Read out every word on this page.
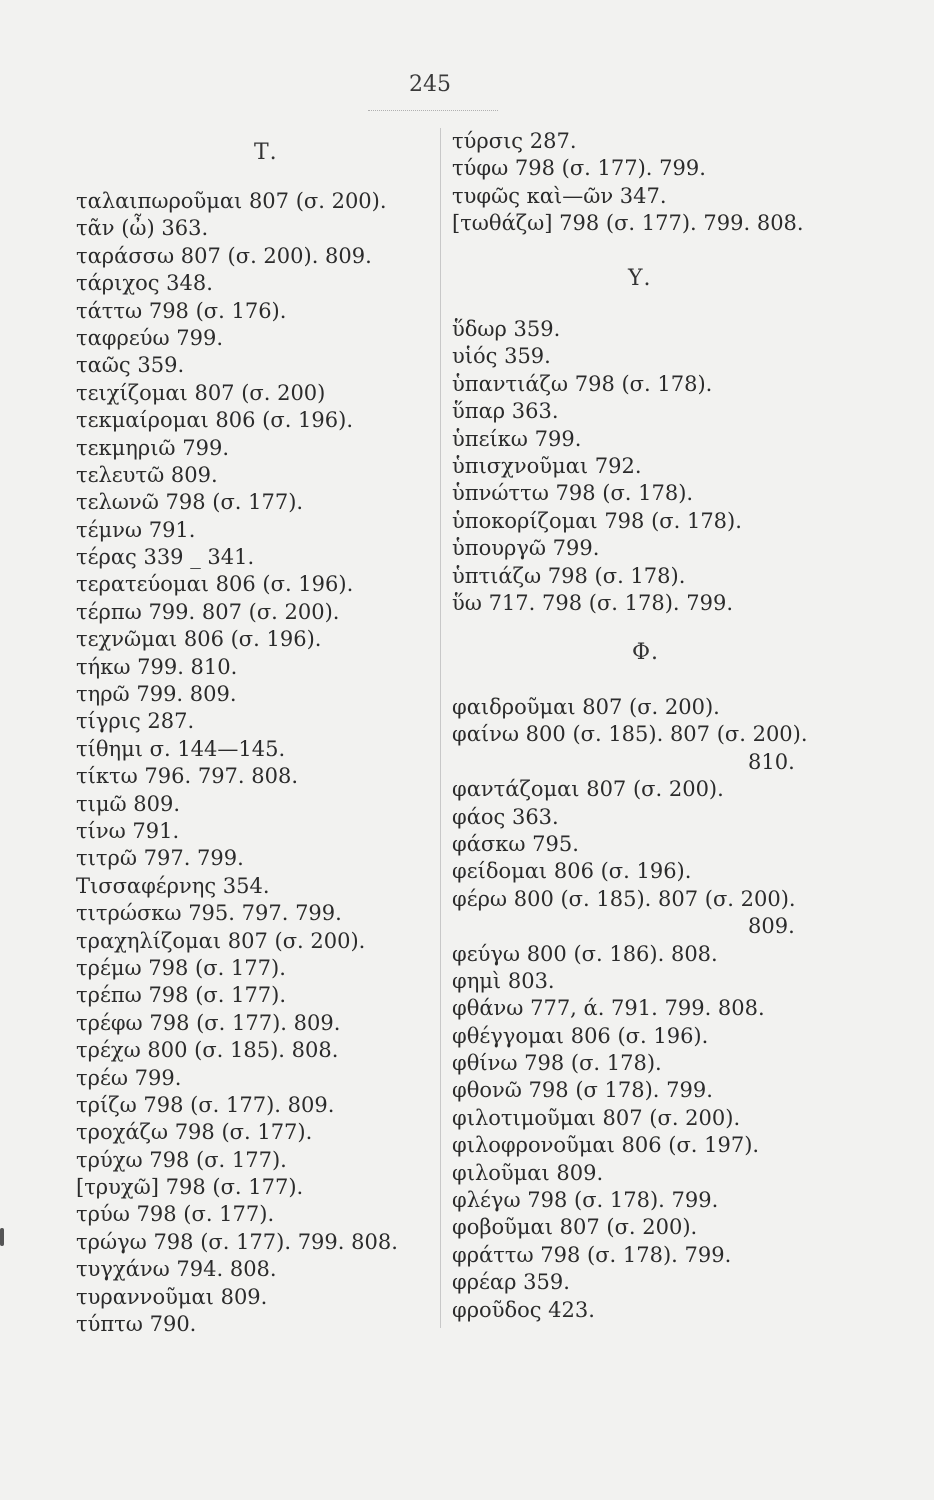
245
Τ.
ταλαιπωροῦμαι 807 (σ. 200).
τᾶν (ὦ) 363.
ταράσσω 807 (σ. 200). 809.
τάριχος 348.
τάττω 798 (σ. 176).
ταφρεύω 799.
ταῶς 359.
τειχίζομαι 807 (σ. 200)
τεκμαίρομαι 806 (σ. 196).
τεκμηριῶ 799.
τελευτῶ 809.
τελωνῶ 798 (σ. 177).
τέμνω 791.
τέρας 339 _ 341.
τερατεύομαι 806 (σ. 196).
τέρπω 799. 807 (σ. 200).
τεχνῶμαι 806 (σ. 196).
τήκω 799. 810.
τηρῶ 799. 809.
τίγρις 287.
τίθημι σ. 144—145.
τίκτω 796. 797. 808.
τιμῶ 809.
τίνω 791.
τιτρῶ 797. 799.
Τισσαφέρνης 354.
τιτρώσκω 795. 797. 799.
τραχηλίζομαι 807 (σ. 200).
τρέμω 798 (σ. 177).
τρέπω 798 (σ. 177).
τρέφω 798 (σ. 177). 809.
τρέχω 800 (σ. 185). 808.
τρέω 799.
τρίζω 798 (σ. 177). 809.
τροχάζω 798 (σ. 177).
τρύχω 798 (σ. 177).
[τρυχῶ] 798 (σ. 177).
τρύω 798 (σ. 177).
τρώγω 798 (σ. 177). 799. 808.
τυγχάνω 794. 808.
τυραννοῦμαι 809.
τύπτω 790.
τύρσις 287.
τύφω 798 (σ. 177). 799.
τυφῶς καὶ—ῶν 347.
[τωθάζω] 798 (σ. 177). 799. 808.
Υ.
ὕδωρ 359.
υἱός 359.
ὑπαντιάζω 798 (σ. 178).
ὕπαρ 363.
ὑπείκω 799.
ὑπισχνοῦμαι 792.
ὑπνώττω 798 (σ. 178).
ὑποκορίζομαι 798 (σ. 178).
ὑπουργῶ 799.
ὑπτιάζω 798 (σ. 178).
ὕω 717. 798 (σ. 178). 799.
Φ.
φαιδροῦμαι 807 (σ. 200).
φαίνω 800 (σ. 185). 807 (σ. 200).
810.
φαντάζομαι 807 (σ. 200).
φάος 363.
φάσκω 795.
φείδομαι 806 (σ. 196).
φέρω 800 (σ. 185). 807 (σ. 200).
809.
φεύγω 800 (σ. 186). 808.
φημὶ 803.
φθάνω 777, ά. 791. 799. 808.
φθέγγομαι 806 (σ. 196).
φθίνω 798 (σ. 178).
φθονῶ 798 (σ 178). 799.
φιλοτιμοῦμαι 807 (σ. 200).
φιλοφρονοῦμαι 806 (σ. 197).
φιλοῦμαι 809.
φλέγω 798 (σ. 178). 799.
φοβοῦμαι 807 (σ. 200).
φράττω 798 (σ. 178). 799.
φρέαρ 359.
φροῦδος 423.
